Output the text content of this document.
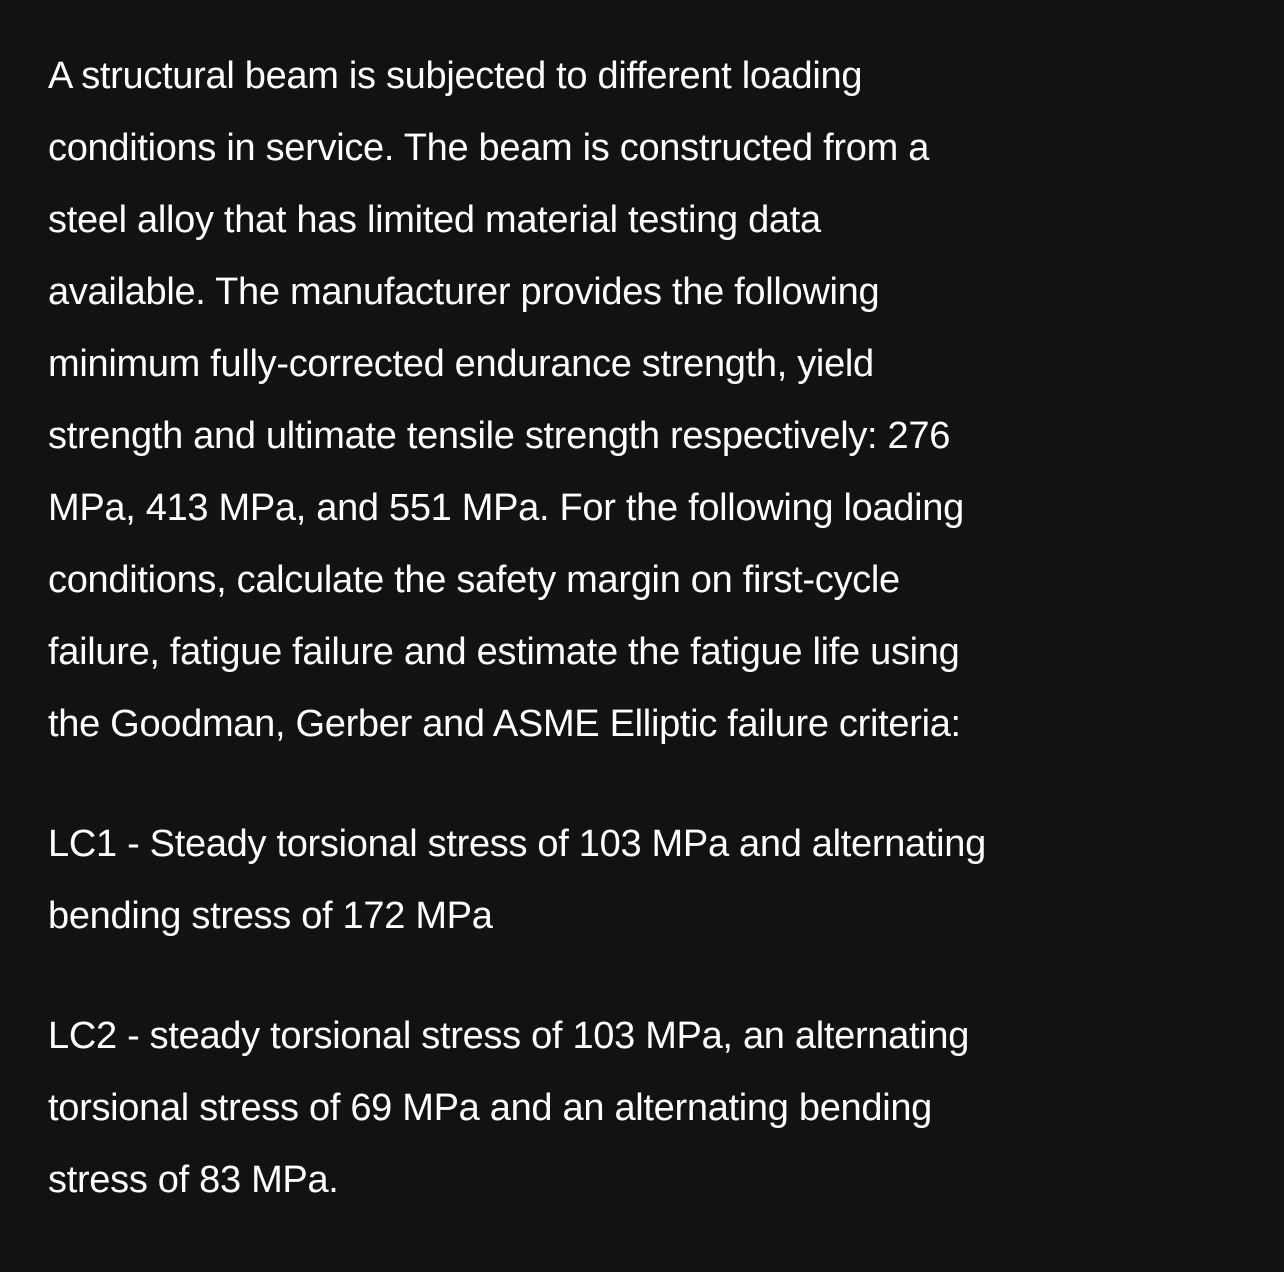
A structural beam is subjected to different loading
conditions in service. The beam is constructed from a
steel alloy that has limited material testing data
available. The manufacturer provides the following
minimum fully-corrected endurance strength, yield
strength and ultimate tensile strength respectively: 276
MPa, 413 MPa, and 551 MPa. For the following loading
conditions, calculate the safety margin on first-cycle
failure, fatigue failure and estimate the fatigue life using
the Goodman, Gerber and ASME Elliptic failure criteria:
LC1 - Steady torsional stress of 103 MPa and alternating
bending stress of 172 MPa
LC2 - steady torsional stress of 103 MPa, an alternating
torsional stress of 69 MPa and an alternating bending
stress of 83 MPa.
